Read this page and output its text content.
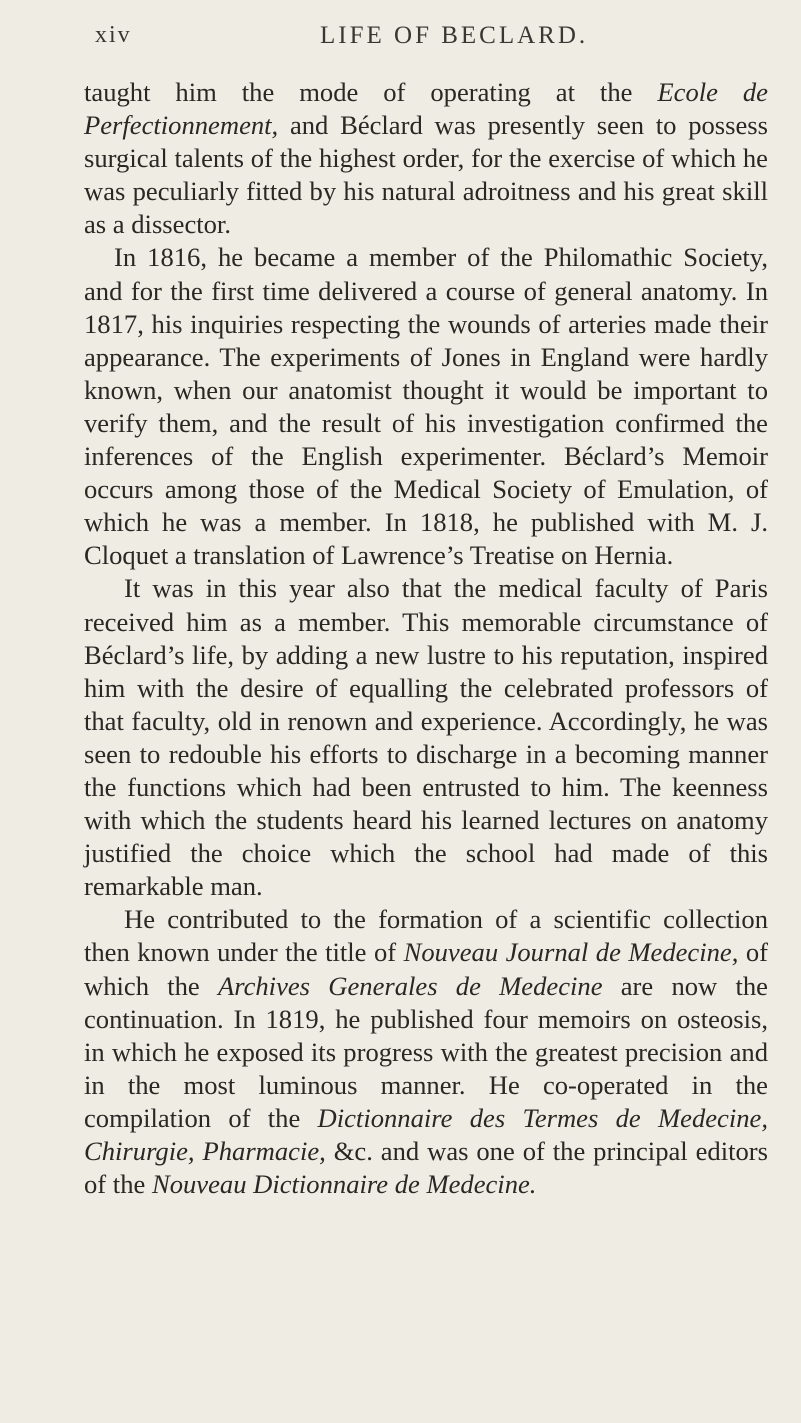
xiv	LIFE OF BECLARD.

taught him the mode of operating at the Ecole de Perfectionnement, and Béclard was presently seen to possess surgical talents of the highest order, for the exercise of which he was peculiarly fitted by his natural adroitness and his great skill as a dissector.

In 1816, he became a member of the Philomathic Society, and for the first time delivered a course of general anatomy. In 1817, his inquiries respecting the wounds of arteries made their appearance. The experiments of Jones in England were hardly known, when our anatomist thought it would be important to verify them, and the result of his investigation confirmed the inferences of the English experimenter. Béclard’s Memoir occurs among those of the Medical Society of Emulation, of which he was a member. In 1818, he published with M. J. Cloquet a translation of Lawrence’s Treatise on Hernia.

It was in this year also that the medical faculty of Paris received him as a member. This memorable circumstance of Béclard’s life, by adding a new lustre to his reputation, inspired him with the desire of equalling the celebrated professors of that faculty, old in renown and experience. Accordingly, he was seen to redouble his efforts to discharge in a becoming manner the functions which had been entrusted to him. The keenness with which the students heard his learned lectures on anatomy justified the choice which the school had made of this remarkable man.

He contributed to the formation of a scientific collection then known under the title of Nouveau Journal de Medecine, of which the Archives Generales de Medecine are now the continuation. In 1819, he published four memoirs on osteosis, in which he exposed its progress with the greatest precision and in the most luminous manner. He co-operated in the compilation of the Dictionnaire des Termes de Medecine, Chirurgie, Pharmacie, &c. and was one of the principal editors of the Nouveau Dictionnaire de Medecine.
